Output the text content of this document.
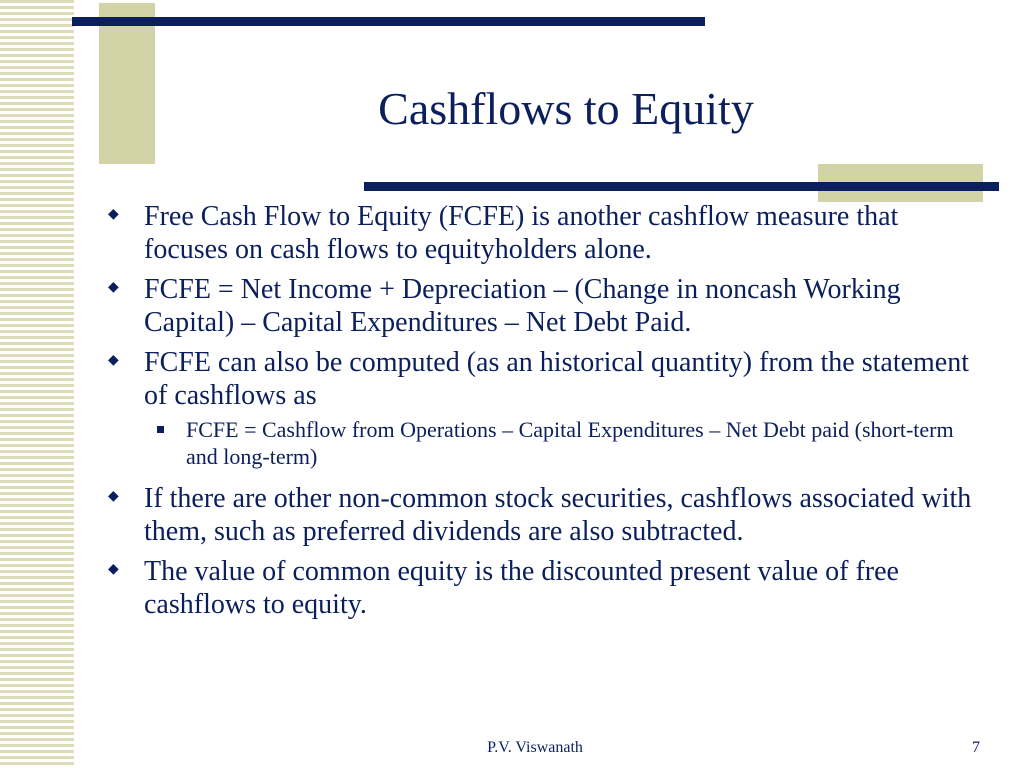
Cashflows to Equity
◆ Free Cash Flow to Equity (FCFE) is another cashflow measure that focuses on cash flows to equityholders alone.
◆ FCFE = Net Income + Depreciation – (Change in noncash Working Capital) – Capital Expenditures – Net Debt Paid.
◆ FCFE can also be computed (as an historical quantity) from the statement of cashflows as
FCFE = Cashflow from Operations – Capital Expenditures – Net Debt paid (short-term and long-term)
◆ If there are other non-common stock securities, cashflows associated with them, such as preferred dividends are also subtracted.
◆ The value of common equity is the discounted present value of free cashflows to equity.
P.V. Viswanath	7
